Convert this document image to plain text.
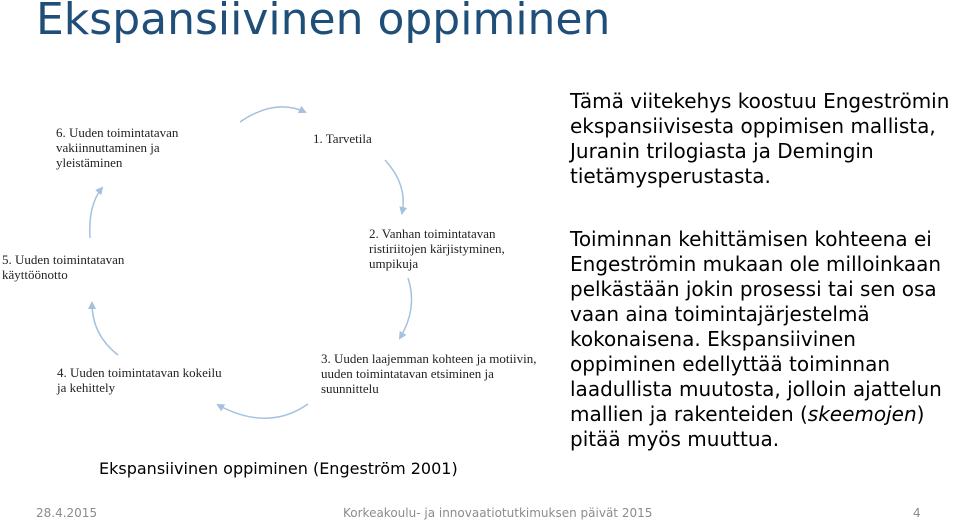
Ekspansiivinen oppiminen
6. Uuden toimintatavan vakiinnuttaminen ja yleistäminen
5. Uuden toimintatavan käyttöönotto
4. Uuden toimintatavan kokeilu ja kehittely
1. Tarvetila
2. Vanhan toimintatavan ristiriitojen kärjistyminen, umpikuja
3. Uuden laajemman kohteen ja motiivin, uuden toimintatavan etsiminen ja suunnittelu
Ekspansiivinen oppiminen (Engeström 2001)
Tämä viitekehys koostuu Engeströmin ekspansiivisesta oppimisen mallista, Juranin trilogiasta ja Demingin tietämysperustasta.
Toiminnan kehittämisen kohteena ei Engeströmin mukaan ole milloinkaan pelkästään jokin prosessi tai sen osa vaan aina toimintajärjestelmä kokonaisena. Ekspansiivinen oppiminen edellyttää toiminnan laadullista muutosta, jolloin ajattelun mallien ja rakenteiden (skeemojen) pitää myös muuttua.
28.4.2015	Korkeakoulu- ja innovaatiotutkimuksen päivät 2015	4
